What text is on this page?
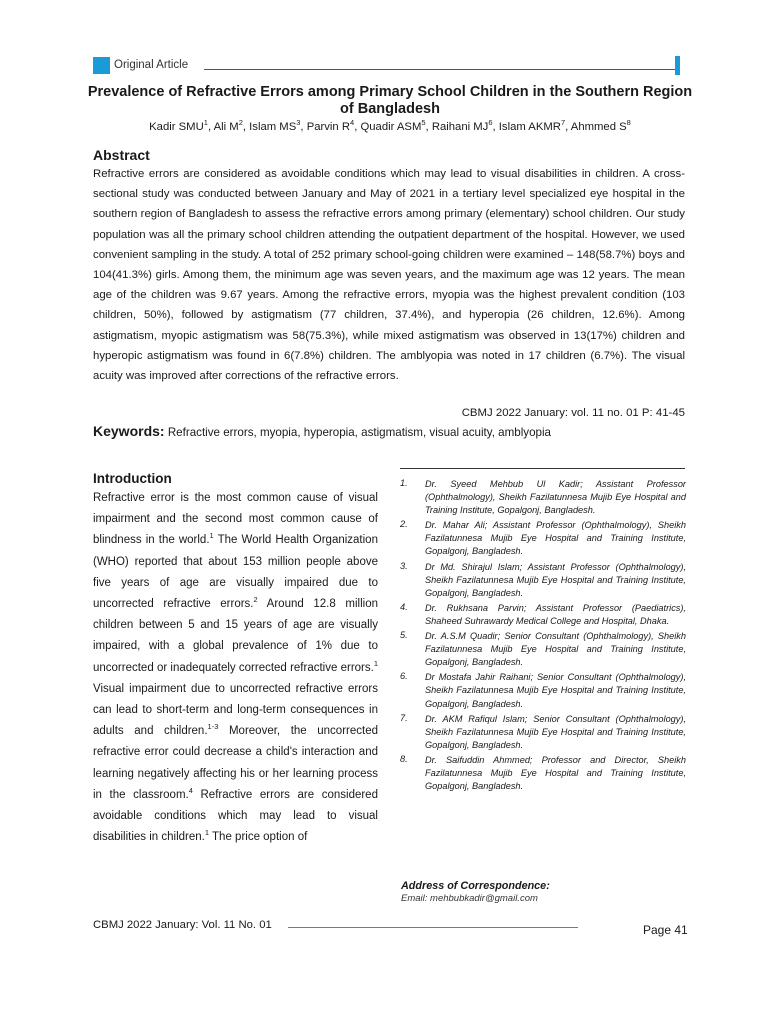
Original Article
Prevalence of Refractive Errors among Primary School Children in the Southern Region of Bangladesh
Kadir SMU$^1$, Ali $M^2$, Islam $MS^3$, Parvin $R^4$, Quadir ASM$^5$, Raihani $MJ^6$, Islam AKMR$^7$, Ahmmed $S^8$
Abstract

Refractive errors are considered as avoidable conditions which may lead to visual disabilities in children. A cross-sectional study was conducted between January and May of 2021 in a tertiary level specialized eye hospital in the southern region of Bangladesh to assess the refractive errors among primary (elementary) school children. Our study population was all the primary school children attending the outpatient department of the hospital. However, we used convenient sampling in the study. A total of 252 primary school-going children were examined – 148(58.7%) boys and 104(41.3%) girls. Among them, the minimum age was seven years, and the maximum age was 12 years. The mean age of the children was 9.67 years. Among the refractive errors, myopia was the highest prevalent condition (103 children, 50%), followed by astigmatism (77 children, 37.4%), and hyperopia (26 children, 12.6%). Among astigmatism, myopic astigmatism was 58(75.3%), while mixed astigmatism was observed in 13(17%) children and hyperopic astigmatism was found in 6(7.8%) children. The amblyopia was noted in 17 children (6.7%). The visual acuity was improved after corrections of the refractive errors.

CBMJ 2022 January: vol. 11 no. 01 P: 41-45
Keywords: Refractive errors, myopia, hyperopia, astigmatism, visual acuity, amblyopia
Introduction

Refractive error is the most common cause of visual impairment and the second most common cause of blindness in the world.$^1$ The World Health Organization (WHO) reported that about 153 million people above five years of age are visually impaired due to uncorrected refractive errors.$^2$ Around 12.8 million children between 5 and 15 years of age are visually impaired, with a global prevalence of 1% due to uncorrected or inadequately corrected refractive errors.$^1$ Visual impairment due to uncorrected refractive errors can lead to short-term and long-term consequences in adults and children.$^{1-3}$ Moreover, the uncorrected refractive error could decrease a child's interaction and learning negatively affecting his or her learning process in the classroom.$^4$ Refractive errors are considered avoidable conditions which may lead to visual disabilities in children.$^1$ The price option of

1. Dr. Syeed Mehbub Ul Kadir; Assistant Professor (Ophthalmology), Sheikh Fazilatunnesa Mujib Eye Hospital and Training Institute, Gopalgonj, Bangladesh.
2. Dr. Mahar Ali; Assistant Professor (Ophthalmology), Sheikh Fazilatunnesa Mujib Eye Hospital and Training Institute, Gopalgonj, Bangladesh.
3. Dr Md. Shirajul Islam; Assistant Professor (Ophthalmology), Sheikh Fazilatunnesa Mujib Eye Hospital and Training Institute, Gopalgonj, Bangladesh.
4. Dr. Rukhsana Parvin; Assistant Professor (Paediatrics), Shaheed Suhrawardy Medical College and Hospital, Dhaka.
5. Dr. A.S.M Quadir; Senior Consultant (Ophthalmology), Sheikh Fazilatunnesa Mujib Eye Hospital and Training Institute, Gopalgonj, Bangladesh.
6. Dr Mostafa Jahir Raihani; Senior Consultant (Ophthalmology), Sheikh Fazilatunnesa Mujib Eye Hospital and Training Institute, Gopalgonj, Bangladesh.
7. Dr. AKM Rafiqul Islam; Senior Consultant (Ophthalmology), Sheikh Fazilatunnesa Mujib Eye Hospital and Training Institute, Gopalgonj, Bangladesh.
8. Dr. Saifuddin Ahmmed; Professor and Director, Sheikh Fazilatunnesa Mujib Eye Hospital and Training Institute, Gopalgonj, Bangladesh.
Address of Correspondence:
Email: mehbubkadir@gmail.com
CBMJ 2022 January: Vol. 11 No. 01	Page 41
